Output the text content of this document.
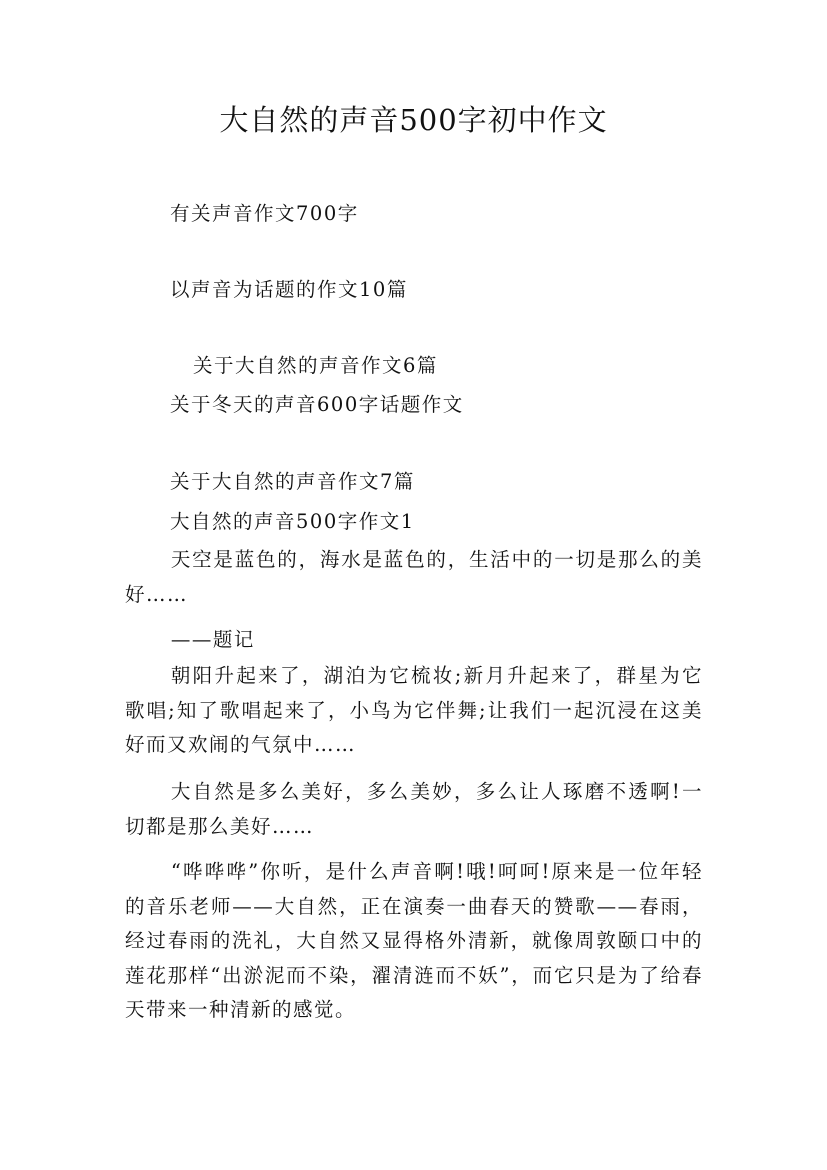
大自然的声音500字初中作文
有关声音作文700字
以声音为话题的作文10篇
关于大自然的声音作文6篇
关于冬天的声音600字话题作文
关于大自然的声音作文7篇
大自然的声音500字作文1
天空是蓝色的，海水是蓝色的，生活中的一切是那么的美好……
——题记
朝阳升起来了，湖泊为它梳妆;新月升起来了，群星为它歌唱;知了歌唱起来了，小鸟为它伴舞;让我们一起沉浸在这美好而又欢闹的气氛中……
大自然是多么美好，多么美妙，多么让人琢磨不透啊!一切都是那么美好……
“哗哗哗”你听，是什么声音啊!哦!呵呵!原来是一位年轻的音乐老师——大自然，正在演奏一曲春天的赞歌——春雨，经过春雨的洗礼，大自然又显得格外清新，就像周敦颐口中的莲花那样“出淤泥而不染，濯清涟而不妖”，而它只是为了给春天带来一种清新的感觉。
